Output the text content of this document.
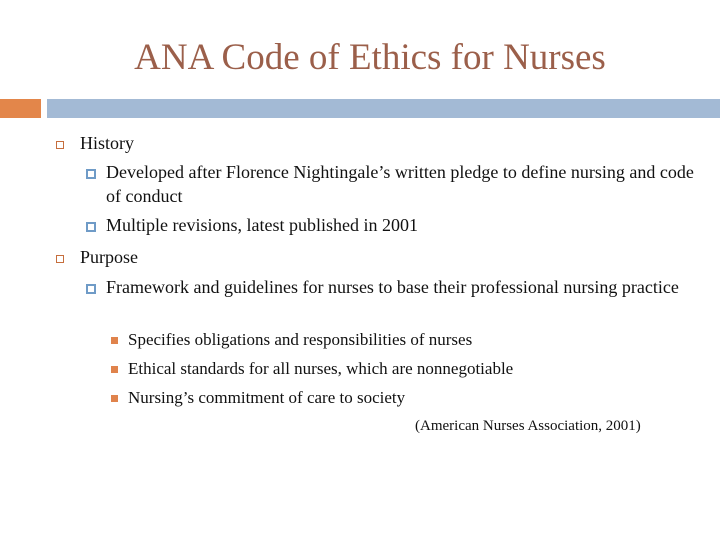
ANA Code of Ethics for Nurses
History
Developed after Florence Nightingale’s written pledge to define nursing and code of conduct
Multiple revisions, latest published in 2001
Purpose
Framework and guidelines for nurses to base their professional nursing practice
Specifies obligations and responsibilities of nurses
Ethical standards for all nurses, which are nonnegotiable
Nursing’s commitment of care to society
(American Nurses Association, 2001)
